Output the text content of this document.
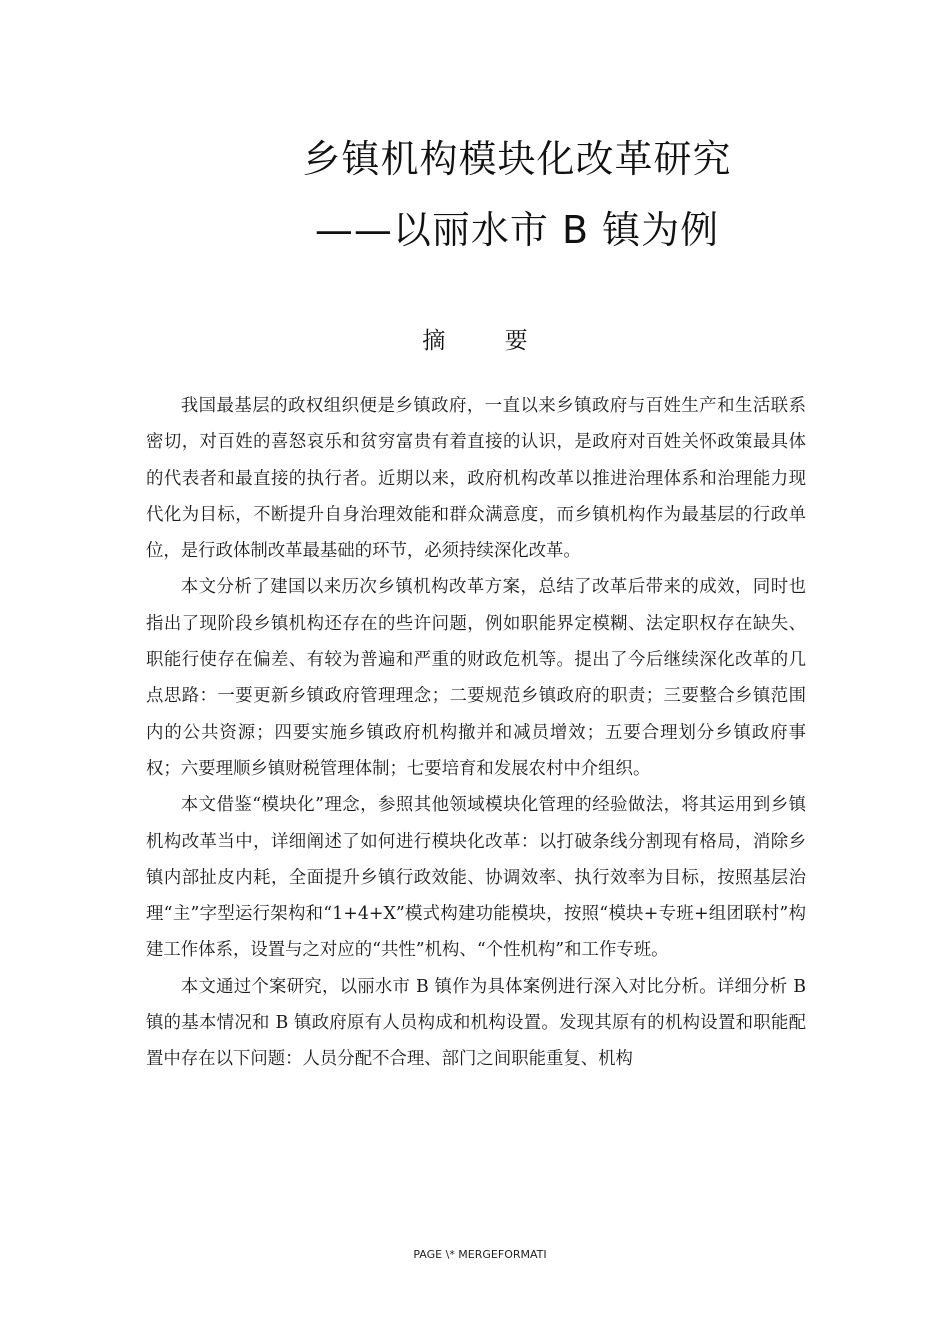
乡镇机构模块化改革研究
——以丽水市 B 镇为例
摘 要

我国最基层的政权组织便是乡镇政府，一直以来乡镇政府与百姓生产和生活联系密切，对百姓的喜怒哀乐和贫穷富贵有着直接的认识，是政府对百姓关怀政策最具体的代表者和最直接的执行者。近期以来，政府机构改革以推进治理体系和治理能力现代化为目标，不断提升自身治理效能和群众满意度，而乡镇机构作为最基层的行政单位，是行政体制改革最基础的环节，必须持续深化改革。

本文分析了建国以来历次乡镇机构改革方案，总结了改革后带来的成效，同时也指出了现阶段乡镇机构还存在的些许问题，例如职能界定模糊、法定职权存在缺失、职能行使存在偏差、有较为普遍和严重的财政危机等。提出了今后继续深化改革的几点思路：一要更新乡镇政府管理理念；二要规范乡镇政府的职责；三要整合乡镇范围内的公共资源；四要实施乡镇政府机构撤并和减员增效；五要合理划分乡镇政府事权；六要理顺乡镇财税管理体制；七要培育和发展农村中介组织。

本文借鉴“模块化”理念，参照其他领域模块化管理的经验做法，将其运用到乡镇机构改革当中，详细阐述了如何进行模块化改革：以打破条线分割现有格局，消除乡镇内部扯皮内耗，全面提升乡镇行政效能、协调效率、执行效率为目标，按照基层治理“主”字型运行架构和“1+4+X”模式构建功能模块，按照“模块+专班+组团联村”构建工作体系，设置与之对应的“共性”机构、“个性机构”和工作专班。

本文通过个案研究，以丽水市 B 镇作为具体案例进行深入对比分析。详细分析 B 镇的基本情况和 B 镇政府原有人员构成和机构设置。发现其原有的机构设置和职能配置中存在以下问题：人员分配不合理、部门之间职能重复、机构

PAGE \* MERGEFORMATI
